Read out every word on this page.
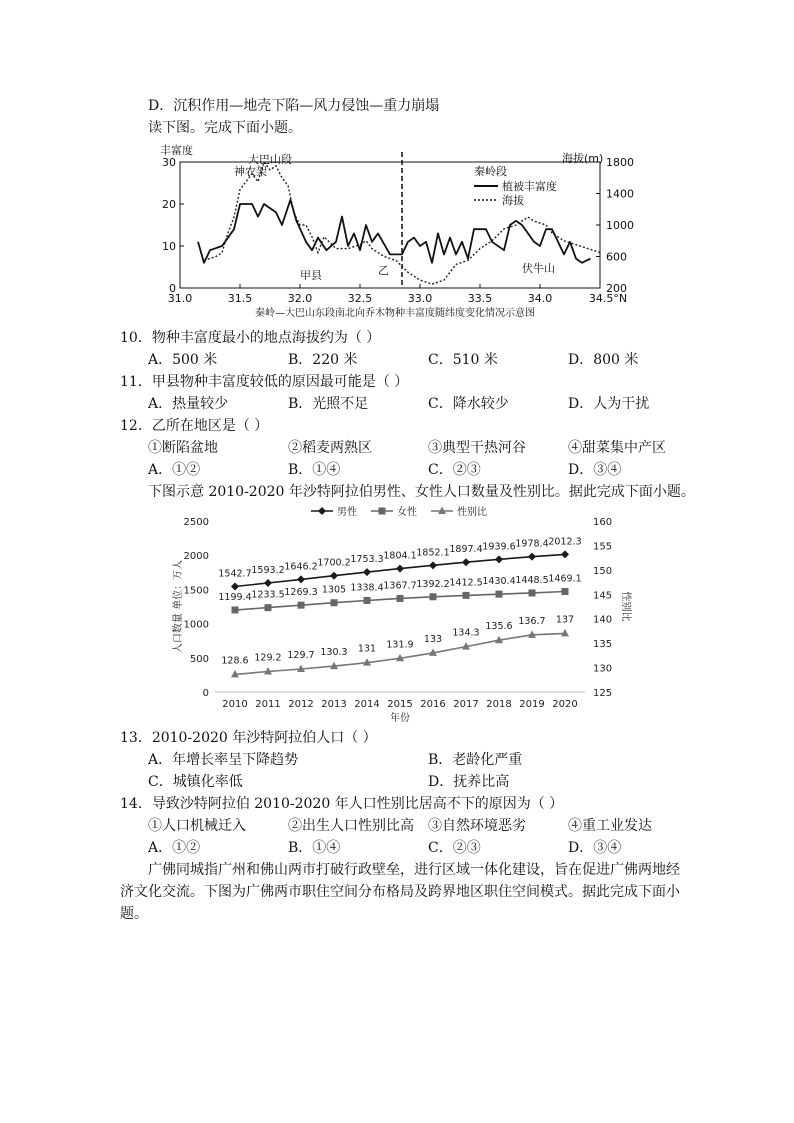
D．沉积作用—地壳下陷—风力侵蚀—重力崩塌
读下图。完成下面小题。
丰富度
海拔(m)
30
20
10
0
1800
1400
1000
600
200
31.0	31.5	32.0	32.5	33.0	33.5	34.0	34.5°N
大巴山段
神农架
甲县	乙	伏牛山
秦岭段
植被丰富度
海拔
秦岭—大巴山东段南北向乔木物种丰富度随纬度变化情况示意图
10．物种丰富度最小的地点海拔约为（ ）
A．500 米	B．220 米	C．510 米	D．800 米
11．甲县物种丰富度较低的原因最可能是（ ）
A．热量较少	B．光照不足	C．降水较少	D．人为干扰
12．乙所在地区是（ ）
①断陷盆地	②稻麦两熟区	③典型干热河谷	④甜菜集中产区
A．①②	B．①④	C．②③	D．③④
下图示意 2010-2020 年沙特阿拉伯男性、女性人口数量及性别比。据此完成下面小题。
2500
2000
1500
1000
500
0
160
155
150
145
140
135
130
125
2010 2011 2012 2013 2014 2015 2016 2017 2018 2019 2020
年份
人口数量 单位：万人	性别比
1542.7 1593.2 1646.2 1700.2 1753.3 1804.1 1852.1 1897.4 1939.6 1978.4 2012.3
1199.4 1233.5 1269.3 1305 1338.4 1367.7 1392.2 1412.5 1430.4 1448.5 1469.1
128.6 129.2 129.7 130.3 131 131.9 133
134.3
135.6 136.7 137
男性	女性	性别比
13．2010-2020 年沙特阿拉伯人口（ ）
A．年增长率呈下降趋势	B．老龄化严重
C．城镇化率低	D．抚养比高
14．导致沙特阿拉伯 2010-2020 年人口性别比居高不下的原因为（ ）
①人口机械迁入	②出生人口性别比高 ③自然环境恶劣	④重工业发达
A．①②	B．①④	C．②③	D．③④
广佛同城指广州和佛山两市打破行政壁垒，进行区域一体化建设，旨在促进广佛两地经
济文化交流。下图为广佛两市职住空间分布格局及跨界地区职住空间模式。据此完成下面小
题。
